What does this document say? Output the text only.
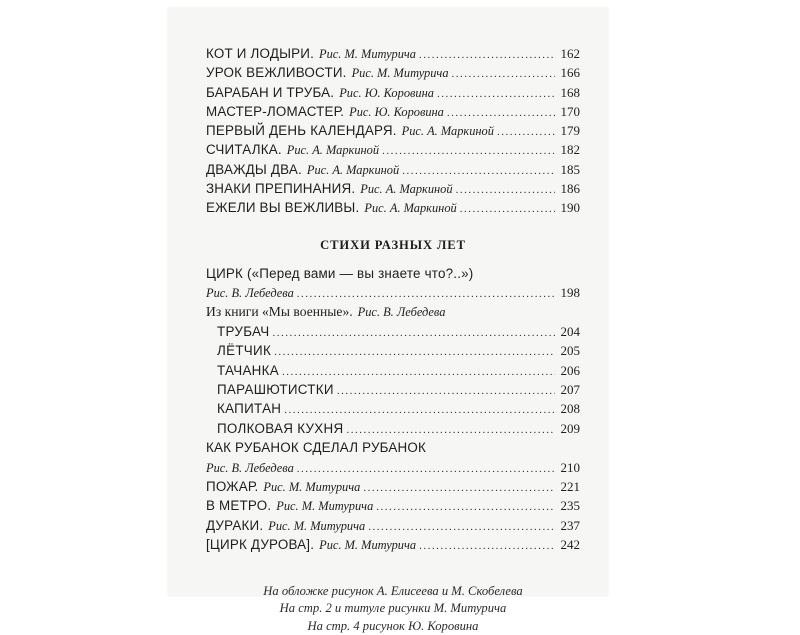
КОТ И ЛОДЫРИ. Рис. М. Митурича .....	162
УРОК ВЕЖЛИВОСТИ. Рис. М. Митурича .....	166
БАРАБАН И ТРУБА. Рис. Ю. Коровина .....	168
МАСТЕР-ЛОМАСТЕР. Рис. Ю. Коровина .....	170
ПЕРВЫЙ ДЕНЬ КАЛЕНДАРЯ. Рис. А. Маркиной .....	179
СЧИТАЛКА. Рис. А. Маркиной .....	182
ДВАЖДЫ ДВА. Рис. А. Маркиной .....	185
ЗНАКИ ПРЕПИНАНИЯ. Рис. А. Маркиной .....	186
ЕЖЕЛИ ВЫ ВЕЖЛИВЫ. Рис. А. Маркиной .....	190
СТИХИ РАЗНЫХ ЛЕТ
ЦИРК («Перед вами — вы знаете что?..»)
Рис. В. Лебедева .....	198
Из книги «Мы военные». Рис. В. Лебедева
ТРУБАЧ .....	204
ЛЁТЧИК .....	205
ТАЧАНКА .....	206
ПАРАШЮТИСТКИ .....	207
КАПИТАН .....	208
ПОЛКОВАЯ КУХНЯ .....	209
КАК РУБАНОК СДЕЛАЛ РУБАНОК
Рис. В. Лебедева .....	210
ПОЖАР. Рис. М. Митурича .....	221
В МЕТРО. Рис. М. Митурича .....	235
ДУРАКИ. Рис. М. Митурича .....	237
[ЦИРК ДУРОВА]. Рис. М. Митурича .....	242
На обложке рисунок А. Елисеева и М. Скобелева
На стр. 2 и титуле рисунки М. Митурича
На стр. 4 рисунок Ю. Коровина
